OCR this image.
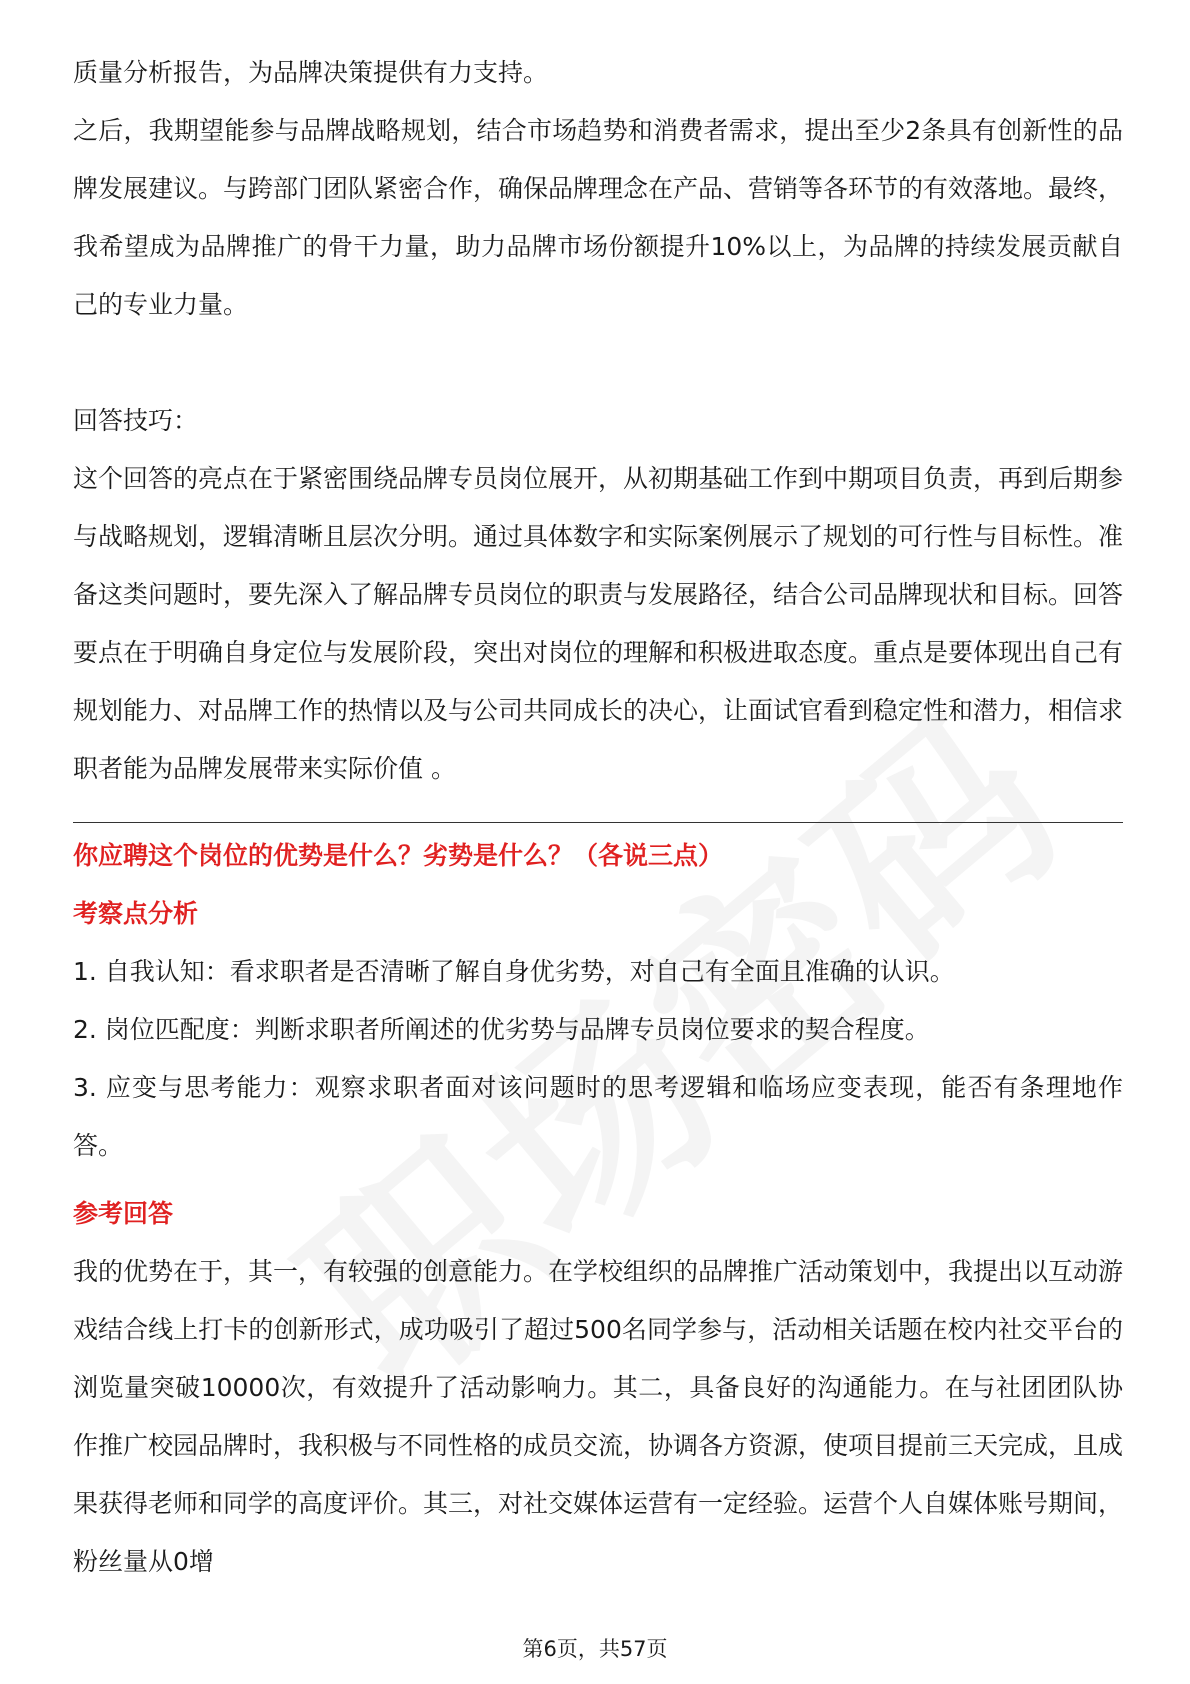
质量分析报告，为品牌决策提供有力支持。

之后，我期望能参与品牌战略规划，结合市场趋势和消费者需求，提出至少2条具有创新性的品牌发展建议。与跨部门团队紧密合作，确保品牌理念在产品、营销等各环节的有效落地。最终，我希望成为品牌推广的骨干力量，助力品牌市场份额提升10%以上，为品牌的持续发展贡献自己的专业力量。

回答技巧：

这个回答的亮点在于紧密围绕品牌专员岗位展开，从初期基础工作到中期项目负责，再到后期参与战略规划，逻辑清晰且层次分明。通过具体数字和实际案例展示了规划的可行性与目标性。准备这类问题时，要先深入了解品牌专员岗位的职责与发展路径，结合公司品牌现状和目标。回答要点在于明确自身定位与发展阶段，突出对岗位的理解和积极进取态度。重点是要体现出自己有规划能力、对品牌工作的热情以及与公司共同成长的决心，让面试官看到稳定性和潜力，相信求职者能为品牌发展带来实际价值 。

你应聘这个岗位的优势是什么？劣势是什么？（各说三点）
考察点分析

1. 自我认知：看求职者是否清晰了解自身优劣势，对自己有全面且准确的认识。

2. 岗位匹配度：判断求职者所阐述的优劣势与品牌专员岗位要求的契合程度。

3. 应变与思考能力：观察求职者面对该问题时的思考逻辑和临场应变表现，能否有条理地作答。

参考回答

我的优势在于，其一，有较强的创意能力。在学校组织的品牌推广活动策划中，我提出以互动游戏结合线上打卡的创新形式，成功吸引了超过500名同学参与，活动相关话题在校内社交平台的浏览量突破10000次，有效提升了活动影响力。其二，具备良好的沟通能力。在与社团团队协作推广校园品牌时，我积极与不同性格的成员交流，协调各方资源，使项目提前三天完成，且成果获得老师和同学的高度评价。其三，对社交媒体运营有一定经验。运营个人自媒体账号期间，粉丝量从0增

第6页，共57页
